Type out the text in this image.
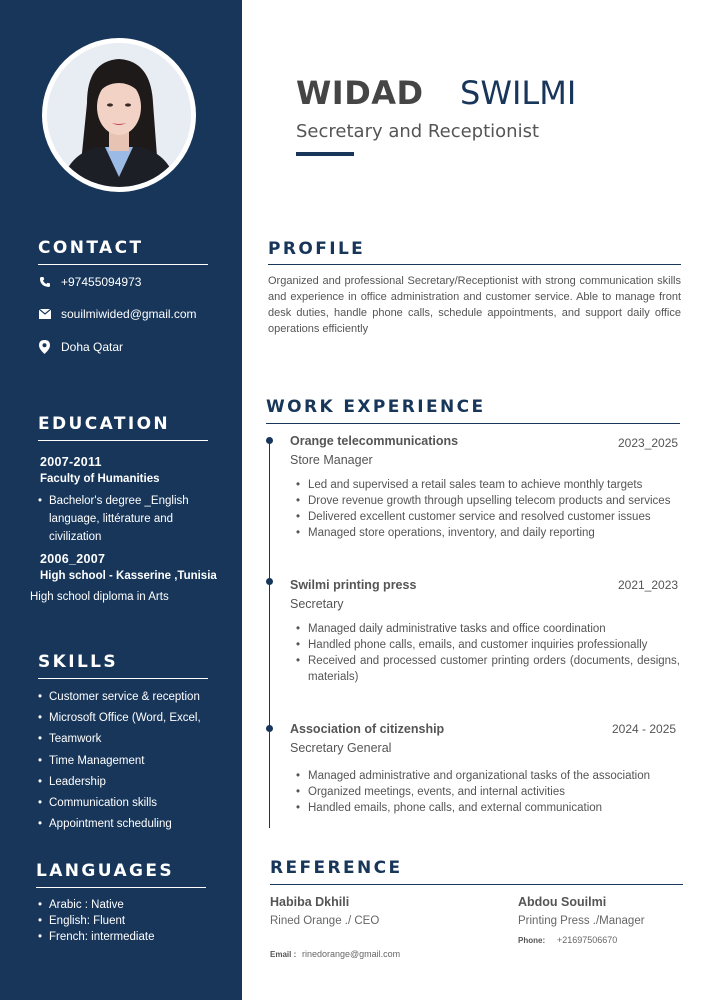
CONTACT
+97455094973
souilmiwided@gmail.com
Doha Qatar
EDUCATION
2007-2011
Faculty of Humanities
• Bachelor's degree _English language, littérature and civilization
2006_2007
High school - Kasserine ,Tunisia
High school diploma in Arts
SKILLS
• Customer service & reception
• Microsoft Office (Word, Excel,
• Teamwork
• Time Management
• Leadership
• Communication skills
• Appointment scheduling
LANGUAGES
• Arabic : Native
• English: Fluent
• French: intermediate
WIDAD SWILMI
Secretary and Receptionist
PROFILE
Organized and professional Secretary/Receptionist with strong communication skills and experience in office administration and customer service. Able to manage front desk duties, handle phone calls, schedule appointments, and support daily office operations efficiently
WORK EXPERIENCE
Orange telecommunications	2023_2025
Store Manager
• Led and supervised a retail sales team to achieve monthly targets
• Drove revenue growth through upselling telecom products and services
• Delivered excellent customer service and resolved customer issues
• Managed store operations, inventory, and daily reporting
Swilmi printing press	2021_2023
Secretary
• Managed daily administrative tasks and office coordination
• Handled phone calls, emails, and customer inquiries professionally
• Received and processed customer printing orders (documents, designs, materials)
Association of citizenship	2024 - 2025
Secretary General
• Managed administrative and organizational tasks of the association
• Organized meetings, events, and internal activities
• Handled emails, phone calls, and external communication
REFERENCE
Habiba Dkhili
Rined Orange ./ CEO
Email : rinedorange@gmail.com
Abdou Souilmi
Printing Press ./Manager
Phone: +21697506670
